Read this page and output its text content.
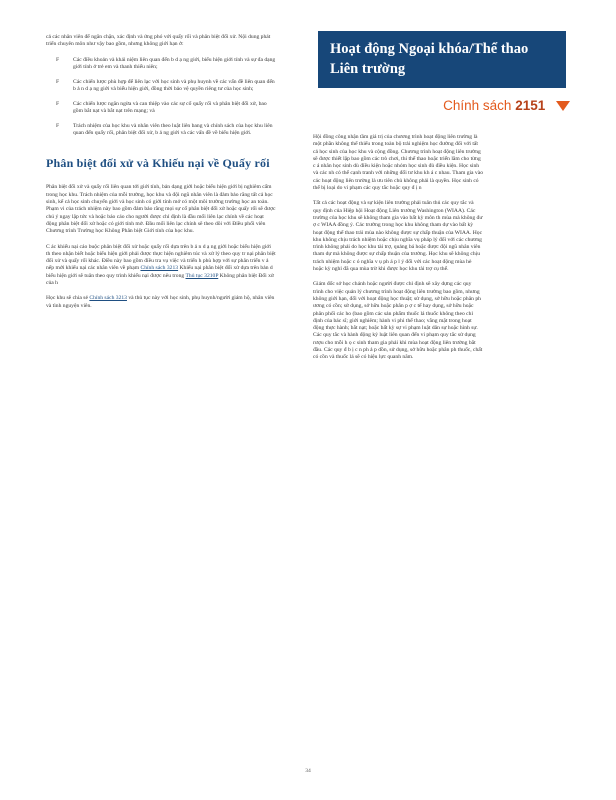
cả các nhân viên để ngăn chặn, xác định và ứng phó với quấy rối và phân biệt đối xử. Nội dung phát triển chuyên môn như vậy bao gồm, nhưng không giới hạn ở:

F Các điều khoản và khái niệm liên quan đến b d ạ ng giới, biểu hiện giới tính và sự đa dạng giới tính ở trẻ em và thanh thiếu niên;
F Các chiến lược phù hợp để liên lạc với học sinh và phụ huynh về các vấn đề liên quan đến b ả n d ạ ng giới và biểu hiện giới, đồng thời bảo vệ quyền riêng tư của học sinh;
F Các chiến lược ngăn ngừa và can thiệp vào các sự cố quấy rối và phân biệt đối xử, bao gồm bắt nạt và bắt nạt trên mạng; và
F Trách nhiệm của học khu và nhân viên theo luật liên bang và chính sách của học khu liên quan đến quấy rối, phân biệt đối xử, b ả ng giới và các vấn đề về biểu hiện giới.
Phân biệt đối xử và Khiếu nại về Quấy rối

Phân biệt đối xử và quấy rối liên quan tới giới tính, bản dạng giới hoặc biểu hiện giới bị nghiêm cấm trong học khu. Trách nhiệm của mỗi trường, học khu và đội ngũ nhân viên là đảm bảo rằng tất cả học sinh, kể cả học sinh chuyển giới và học sinh có giới tính mở có một môi trường trường học an toàn. Phạm vi của trách nhiệm này bao gồm đảm bảo rằng mọi sự cố phân biệt đối xử hoặc quấy rối sẽ được chú ý ngay lập tức và hoặc báo cáo cho người được chỉ định là đầu mối liên lạc chính về các hoạt động phân biệt đối xử hoặc có giới tính mở. Đầu mối liên lạc chính sẽ theo dõi với Điều phối viên Chương trình Trường học Không Phân biệt Giới tính của học khu.

C ác khiếu nại cáo buộc phân biệt đối xử hoặc quấy rối dựa trên b ả n d ạ ng giới hoặc biểu hiện giới th theo nhận biết hoặc biểu hiện giới phải được thực hiện nghiêm túc và xử lý theo quy tr nại phân biệt đối xử và quấy rối khác. Điều này bao gồm điều tra vụ việc và triển h phù hợp với sự phân triển v ả nếp mới khiếu nại các nhân viên về phạm Chính sách 3213 Khiếu nại phân biệt đối xử dựa trên bản d biểu hiện giới sẽ tuân theo quy trình khiếu nại được nêu trong Thủ tục 3210P Không phân biệt Đối xử của h

Học khu sẽ chia sẻ Chính sách 3213 và thủ tục này với học sinh, phụ huynh/người giám hộ, nhân viên và tình nguyện viên.

Hoạt động Ngoại khóa/Thể thao Liên trường
Chính sách 2151

Hội đồng công nhận tầm giá trị của chương trình hoạt động liên trường là một phần không thể thiếu trong toàn bộ trải nghiệm học đường đối với tất cả học sinh của học khu và cộng đồng. Chương trình hoạt động liên trường sẽ được thiết lập bao gồm các trò chơi, thi thể thao hoặc triển lãm cho từng c á nhân học sinh dù điều kiện hoặc nhóm học sinh đủ điều kiện. Học sinh và các nh có thể cạnh tranh với những đối tư khu kh á c nhau. Tham gia vào các hoạt động liên trường là ưu tiên chủ không phải là quyền. Học sinh có thể bị loại do vi phạm các quy tắc hoặc quy đ ị n

Tất cả các hoạt động và sự kiện liên trường phải tuân thủ các quy tắc và quy định của Hiệp hội Hoạt động Liên trường Washington (WIAA). Các trường của học khu sẽ không tham gia vào bất kỳ môn th mùa mà không đư ợ c WIAA đồng ý. Các trường trong học khu không tham dự vào bất kỳ hoạt động thể thao trái mùa nào không được sự chấp thuận của WIAA. Học khu không chịu trách nhiệm hoặc chịu nghĩa vụ pháp lý đối với các chương trình không phải do học khu tài trợ, quảng bá hoặc được đội ngũ nhân viên tham dự mà không được sự chấp thuận của trường. Học khu sẽ không chịu trách nhiệm hoặc c ó nghĩa v ụ ph á p l ý đối với các hoạt động mùa hè hoặc kỳ nghỉ đã qua mùa trừ khi được học khu tài trợ cụ thể.

Giám đốc sở học chánh hoặc người được chỉ định sẽ xây dựng các quy trình cho việc quản lý chương trình hoạt động liên trường bao gồm, nhưng không giới hạn, đối với hoạt động học thuật; sử dụng, sở hữu hoặc phân ph ương có cồn; sử dụng, sở hữu hoặc phân p ợ c tế hay dụng, sở hữu hoặc phân phối các ho (bao gồm các sản phẩm thuốc lá thuốc không theo chỉ định của bác sĩ; giới nghiêm; hành vi phi thể thao; vắng mặt trong hoạt động thực hành; bắt nạt; hoặc bất kỳ sự vi phạm luật dân sự hoặc hình sự. Các quy tắc và hành động kỷ luật liên quan đến vi phạm quy tắc sử dụng rượu cho mỗi h ọ c sinh tham gia phải khi mùa hoạt động liên trường bắt đầu. Các quy đ b ị c n ph ả p dồn, sử dụng, sở hữu hoặc phân ph thuốc, chất có cồn và thuốc lá sẽ có hiệu lực quanh năm.

34
